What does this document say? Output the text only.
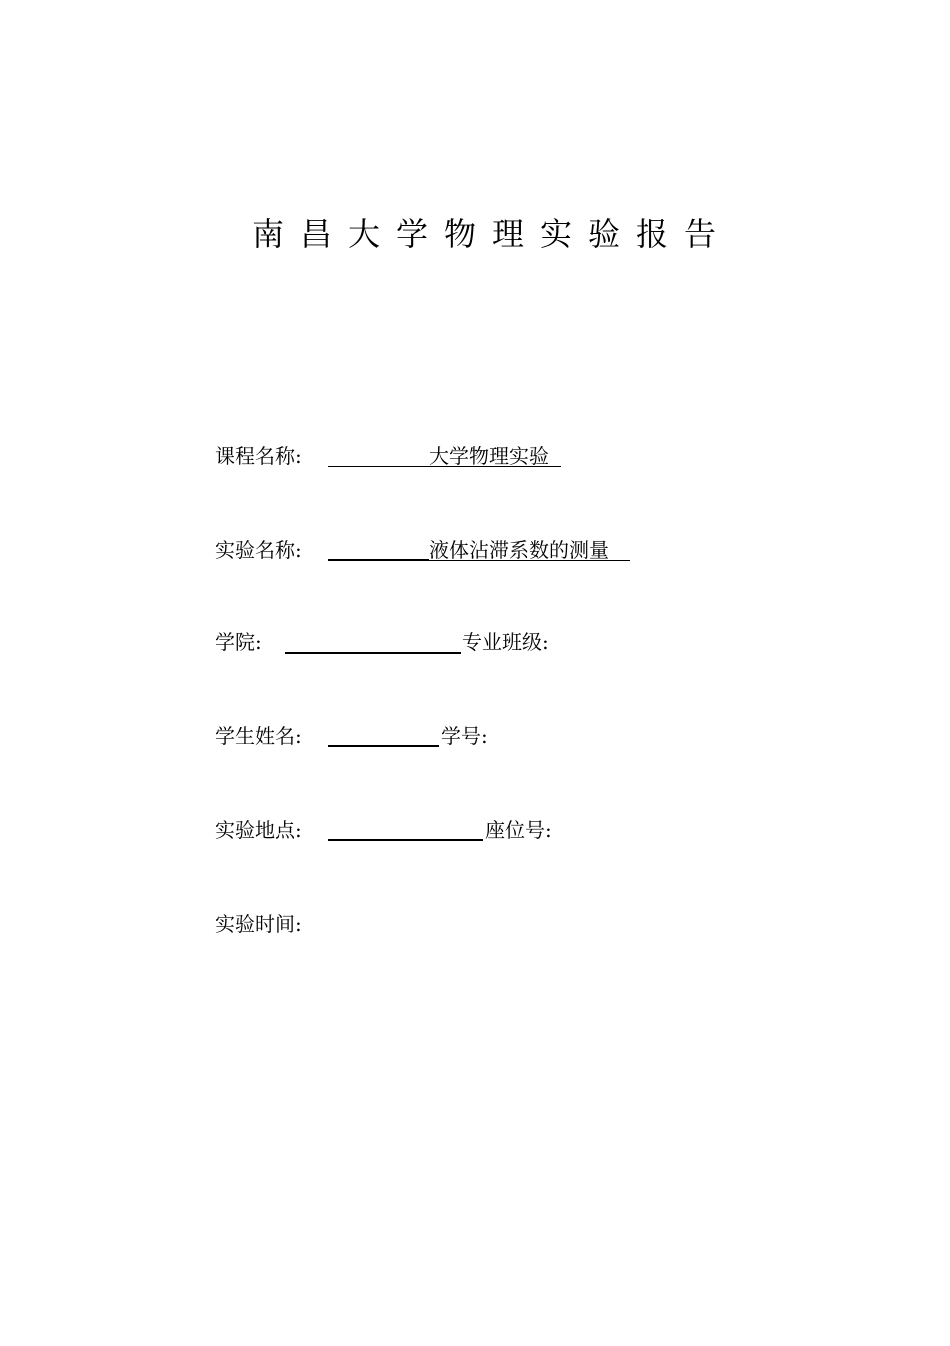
南昌大学物理实验报告
课程名称:	大学物理实验
实验名称:	液体沾滞系数的测量
学院:	专业班级:
学生姓名:	学号:
实验地点:	座位号:
实验时间:
